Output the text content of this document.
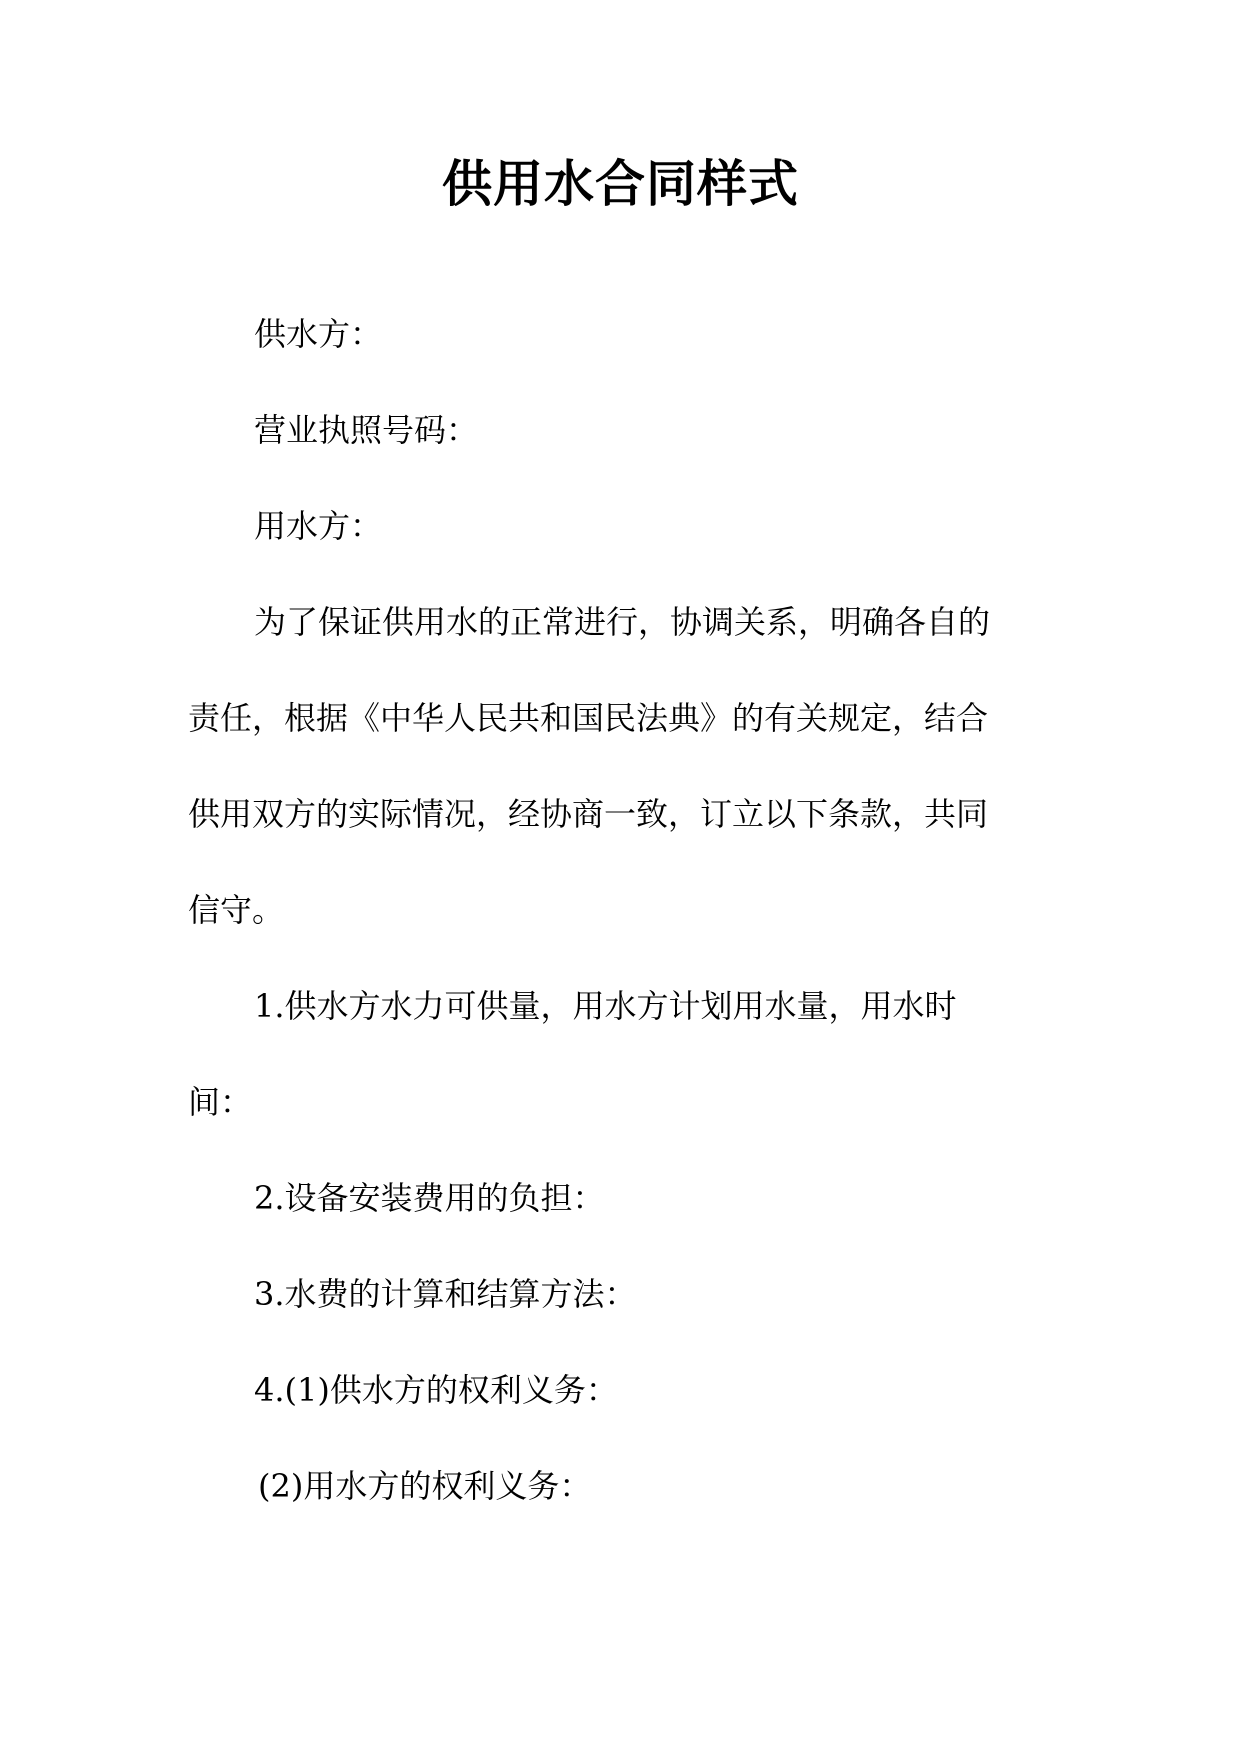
供用水合同样式

供水方：

营业执照号码：

用水方：

为了保证供用水的正常进行，协调关系，明确各自的

责任，根据《中华人民共和国民法典》的有关规定，结合

供用双方的实际情况，经协商一致，订立以下条款，共同

信守。

1.供水方水力可供量，用水方计划用水量，用水时

间：

2.设备安装费用的负担：

3.水费的计算和结算方法：

4.(1)供水方的权利义务：

(2)用水方的权利义务：
